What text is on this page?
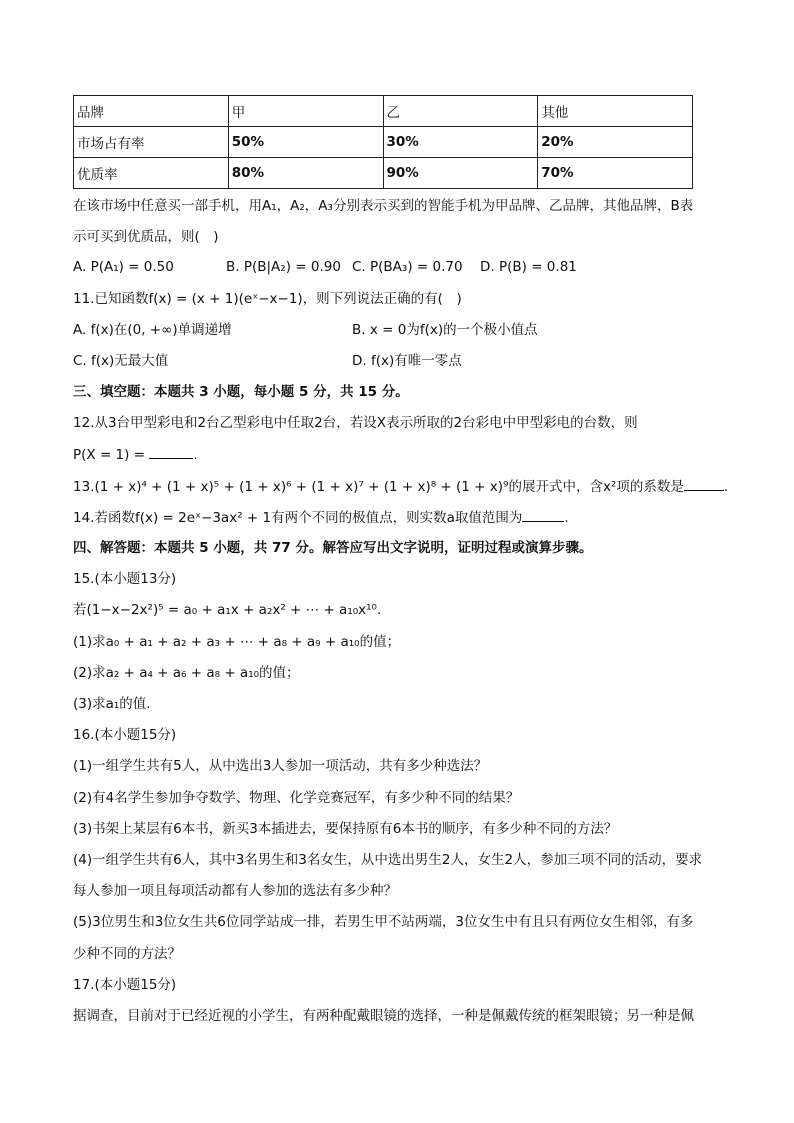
品牌	甲	乙	其他
市场占有率	50%	30%	20%
优质率	80%	90%	70%
在该市场中任意买一部手机，用A₁，A₂，A₃分别表示买到的智能手机为甲品牌、乙品牌，其他品牌，B表
示可买到优质品，则(　)
A. P(A₁) = 0.50	B. P(B|A₂) = 0.90 C. P(BA₃) = 0.70 D. P(B) = 0.81
11.已知函数f(x) = (x + 1)(eˣ−x−1)，则下列说法正确的有(　)
A. f(x)在(0, +∞)单调递增	B. x = 0为f(x)的一个极小值点
C. f(x)无最大值	D. f(x)有唯一零点
三、填空题：本题共 3 小题，每小题 5 分，共 15 分。
12.从3台甲型彩电和2台乙型彩电中任取2台，若设X表示所取的2台彩电中甲型彩电的台数，则
P(X = 1) =	.
13.(1 + x)⁴ + (1 + x)⁵ + (1 + x)⁶ + (1 + x)⁷ + (1 + x)⁸ + (1 + x)⁹的展开式中，含x²项的系数是	.
14.若函数f(x) = 2eˣ−3ax² + 1有两个不同的极值点，则实数a取值范围为	.
四、解答题：本题共 5 小题，共 77 分。解答应写出文字说明，证明过程或演算步骤。
15.(本小题13分)
若(1−x−2x²)⁵ = a₀ + a₁x + a₂x² + ⋯ + a₁₀x¹⁰.
(1)求a₀ + a₁ + a₂ + a₃ + ⋯ + a₈ + a₉ + a₁₀的值；
(2)求a₂ + a₄ + a₆ + a₈ + a₁₀的值；
(3)求a₁的值.
16.(本小题15分)
(1)一组学生共有5人，从中选出3人参加一项活动，共有多少种选法？
(2)有4名学生参加争夺数学、物理、化学竞赛冠军，有多少种不同的结果？
(3)书架上某层有6本书，新买3本插进去，要保持原有6本书的顺序，有多少种不同的方法？
(4)一组学生共有6人，其中3名男生和3名女生，从中选出男生2人，女生2人，参加三项不同的活动，要求
每人参加一项且每项活动都有人参加的选法有多少种？
(5)3位男生和3位女生共6位同学站成一排，若男生甲不站两端，3位女生中有且只有两位女生相邻，有多
少种不同的方法？
17.(本小题15分)
据调查，目前对于已经近视的小学生，有两种配戴眼镜的选择，一种是佩戴传统的框架眼镜；另一种是佩
